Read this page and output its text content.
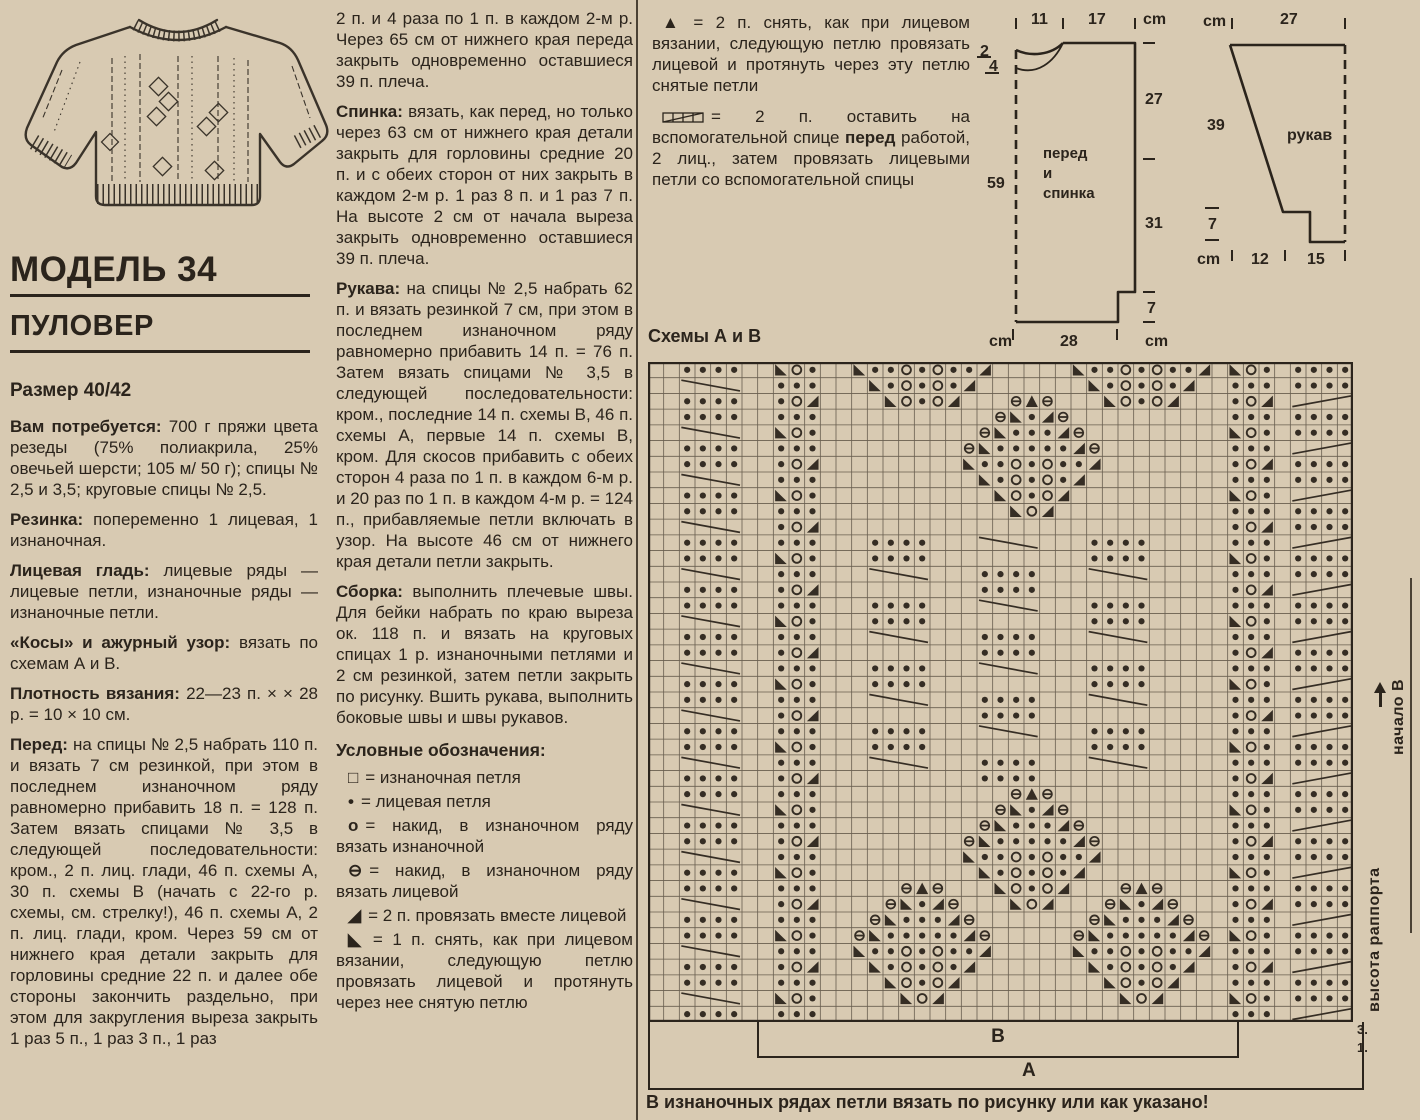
МОДЕЛЬ 34
ПУЛОВЕР
Размер 40/42

Вам потребуется: 700 г пряжи цвета резеды (75% полиакрила, 25% овечьей шерсти; 105 м/ 50 г); спицы № 2,5 и 3,5; круговые спицы № 2,5.

Резинка: попеременно 1 лицевая, 1 изнаночная.

Лицевая гладь: лицевые ряды — лицевые петли, изнаночные ряды — изнаночные петли.

«Косы» и ажурный узор: вязать по схемам А и В.

Плотность вязания: 22—23 п. × × 28 р. = 10 × 10 см.

Перед: на спицы № 2,5 набрать 110 п. и вязать 7 см резинкой, при этом в последнем изнаночном ряду равномерно прибавить 18 п. = 128 п. Затем вязать спицами № 3,5 в следующей последовательности: кром., 2 п. лиц. глади, 46 п. схемы А, 30 п. схемы В (начать с 22-го р. схемы, см. стрелку!), 46 п. схемы А, 2 п. лиц. глади, кром. Через 59 см от нижнего края детали закрыть для горловины средние 22 п. и далее обе стороны закончить раздельно, при этом для закругления выреза закрыть 1 раз 5 п., 1 раз 3 п., 1 раз

2 п. и 4 раза по 1 п. в каждом 2-м р. Через 65 см от нижнего края переда закрыть одновременно оставшиеся 39 п. плеча.

Спинка: вязать, как перед, но только через 63 см от нижнего края детали закрыть для горловины средние 20 п. и с обеих сторон от них закрыть в каждом 2-м р. 1 раз 8 п. и 1 раз 7 п. На высоте 2 см от начала выреза закрыть одновременно оставшиеся 39 п. плеча.

Рукава: на спицы № 2,5 набрать 62 п. и вязать резинкой 7 см, при этом в последнем изнаночном ряду равномерно прибавить 14 п. = 76 п. Затем вязать спицами № 3,5 в следующей последовательности: кром., последние 14 п. схемы В, 46 п. схемы А, первые 14 п. схемы В, кром. Для скосов прибавить с обеих сторон 4 раза по 1 п. в каждом 6-м р. и 20 раз по 1 п. в каждом 4-м р. = 124 п., прибавляемые петли включать в узор. На высоте 46 см от нижнего края детали петли закрыть.

Сборка: выполнить плечевые швы. Для бейки набрать по краю выреза ок. 118 п. и вязать на круговых спицах 1 р. изнаночными петлями и 2 см резинкой, затем петли закрыть по рисунку. Вшить рукава, выполнить боковые швы и швы рукавов.

Условные обозначения:
□ = изнаночная петля
• = лицевая петля
o = накид, в изнаночном ряду вязать изнаночной
⊖ = накид, в изнаночном ряду вязать лицевой
◢ = 2 п. провязать вместе лицевой
◣ = 1 п. снять, как при лицевом вязании, следующую петлю провязать лицевой и протянуть через нее снятую петлю
▲ = 2 п. снять, как при лицевом вязании, следующую петлю провязать лицевой и протянуть через эту петлю снятые петли
= 2 п. оставить на вспомогательной спице перед работой, 2 лиц., затем провязать лицевыми петли со вспомогательной спицы
11	17 cm
2
4
59
27
31
7
cm	28	cm
перед
и
спинка
cm	27
39
рукав
7
cm 12 15
Схемы А и В
высота раппорта
начало В
3.
1.
В
А
В изнаночных рядах петли вязать по рисунку или как указано!
